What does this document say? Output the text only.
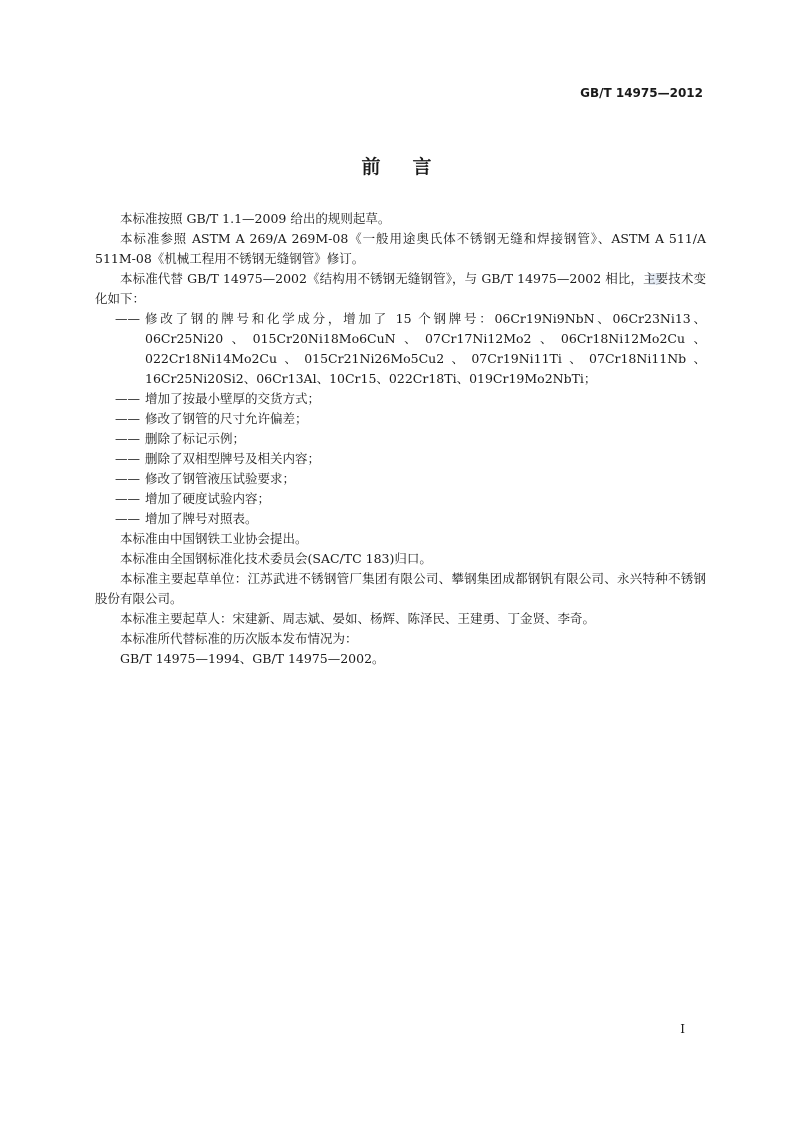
GB/T 14975—2012
前言

本标准按照 GB/T 1.1—2009 给出的规则起草。

本标准参照 ASTM A 269/A 269M-08《一般用途奥氏体不锈钢无缝和焊接钢管》、ASTM A 511/A 511M-08《机械工程用不锈钢无缝钢管》修订。

本标准代替 GB/T 14975—2002《结构用不锈钢无缝钢管》，与 GB/T 14975—2002 相比，主要技术变化如下：

—— 修改了钢的牌号和化学成分，增加了 15 个钢牌号：06Cr19Ni9NbN、06Cr23Ni13、06Cr25Ni20、015Cr20Ni18Mo6CuN、07Cr17Ni12Mo2、06Cr18Ni12Mo2Cu、022Cr18Ni14Mo2Cu、015Cr21Ni26Mo5Cu2、07Cr19Ni11Ti、07Cr18Ni11Nb、16Cr25Ni20Si2、06Cr13Al、10Cr15、022Cr18Ti、019Cr19Mo2NbTi；

—— 增加了按最小壁厚的交货方式；

—— 修改了钢管的尺寸允许偏差；

—— 删除了标记示例；

—— 删除了双相型牌号及相关内容；

—— 修改了钢管液压试验要求；

—— 增加了硬度试验内容；

—— 增加了牌号对照表。

本标准由中国钢铁工业协会提出。

本标准由全国钢标准化技术委员会(SAC/TC 183)归口。

本标准主要起草单位：江苏武进不锈钢管厂集团有限公司、攀钢集团成都钢钒有限公司、永兴特种不锈钢股份有限公司。

本标准主要起草人：宋建新、周志斌、晏如、杨辉、陈泽民、王建勇、丁金贤、李奇。

本标准所代替标准的历次版本发布情况为：

GB/T 14975—1994、GB/T 14975—2002。

I
